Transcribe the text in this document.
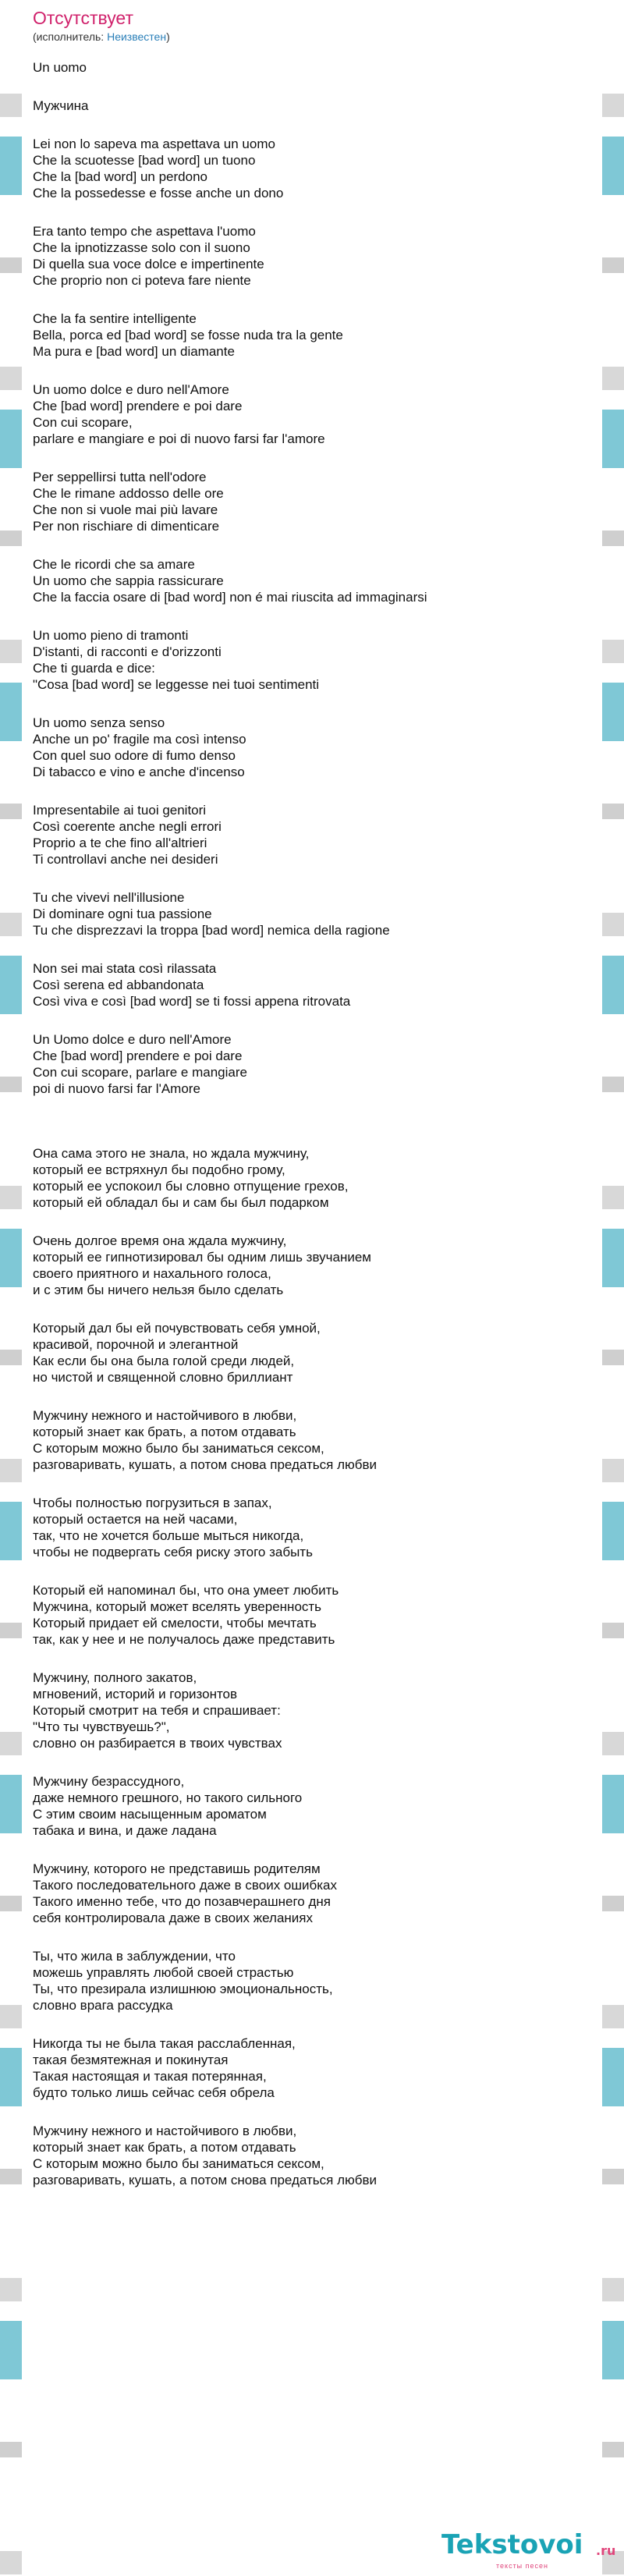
Отсутствует
(исполнитель: Неизвестен)
Un uomo
Мужчина
Lei non lo sapeva ma aspettava un uomo
Che la scuotesse [bad word] un tuono
Che la [bad word] un perdono
Che la possedesse e fosse anche un dono
Era tanto tempo che aspettava l'uomo
Che la ipnotizzasse solo con il suono
Di quella sua voce dolce e impertinente
Che proprio non ci poteva fare niente
Che la fa sentire intelligente
Bella, porca ed [bad word] se fosse nuda tra la gente
Ma pura e [bad word] un diamante
Un uomo dolce e duro nell'Amore
Che [bad word] prendere e poi dare
Con cui scopare,
parlare e mangiare e poi di nuovo farsi far l'amore
Per seppellirsi tutta nell'odore
Che le rimane addosso delle ore
Che non si vuole mai più lavare
Per non rischiare di dimenticare
Che le ricordi che sa amare
Un uomo che sappia rassicurare
Che la faccia osare di [bad word] non é mai riuscita ad immaginarsi
Un uomo pieno di tramonti
D'istanti, di racconti e d'orizzonti
Che ti guarda e dice:
"Cosa [bad word] se leggesse nei tuoi sentimenti
Un uomo senza senso
Anche un po' fragile ma così intenso
Con quel suo odore di fumo denso
Di tabacco e vino e anche d'incenso
Impresentabile ai tuoi genitori
Così coerente anche negli errori
Proprio a te che fino all'altrieri
Ti controllavi anche nei desideri
Tu che vivevi nell'illusione
Di dominare ogni tua passione
Tu che disprezzavi la troppa [bad word] nemica della ragione
Non sei mai stata così rilassata
Così serena ed abbandonata
Così viva e così [bad word] se ti fossi appena ritrovata
Un Uomo dolce e duro nell'Amore
Che [bad word] prendere e poi dare
Con cui scopare, parlare e mangiare
poi di nuovo farsi far l'Amore
Она сама этого не знала, но ждала мужчину,
который ее встряхнул бы подобно грому,
который ее успокоил бы словно отпущение грехов,
который ей обладал бы и сам бы был подарком
Очень долгое время она ждала мужчину,
который ее гипнотизировал бы одним лишь звучанием
своего приятного и нахального голоса,
и с этим бы ничего нельзя было сделать
Который дал бы ей почувствовать себя умной,
красивой, порочной и элегантной
Как если бы она была голой среди людей,
но чистой и священной словно бриллиант
Мужчину нежного и настойчивого в любви,
который знает как брать, а потом отдавать
С которым можно было бы заниматься сексом,
разговаривать, кушать, а потом снова предаться любви
Чтобы полностью погрузиться в запах,
который остается на ней часами,
так, что не хочется больше мыться никогда,
чтобы не подвергать себя риску этого забыть
Который ей напоминал бы, что она умеет любить
Мужчина, который может вселять уверенность
Который придает ей смелости, чтобы мечтать
так, как у нее и не получалось даже представить
Мужчину, полного закатов,
мгновений, историй и горизонтов
Который смотрит на тебя и спрашивает:
"Что ты чувствуешь?",
словно он разбирается в твоих чувствах
Мужчину безрассудного,
даже немного грешного, но такого сильного
С этим своим насыщенным ароматом
табака и вина, и даже ладана
Мужчину, которого не представишь родителям
Такого последовательного даже в своих ошибках
Такого именно тебе, что до позавчерашнего дня
себя контролировала даже в своих желаниях
Ты, что жила в заблуждении, что
можешь управлять любой своей страстью
Ты, что презирала излишнюю эмоциональность,
словно врага рассудка
Никогда ты не была такая расслабленная,
такая безмятежная и покинутая
Такая настоящая и такая потерянная,
будто только лишь сейчас себя обрела
Мужчину нежного и настойчивого в любви,
который знает как брать, а потом отдавать
С которым можно было бы заниматься сексом,
разговаривать, кушать, а потом снова предаться любви
Tekstovoi .ru
тексты песен
